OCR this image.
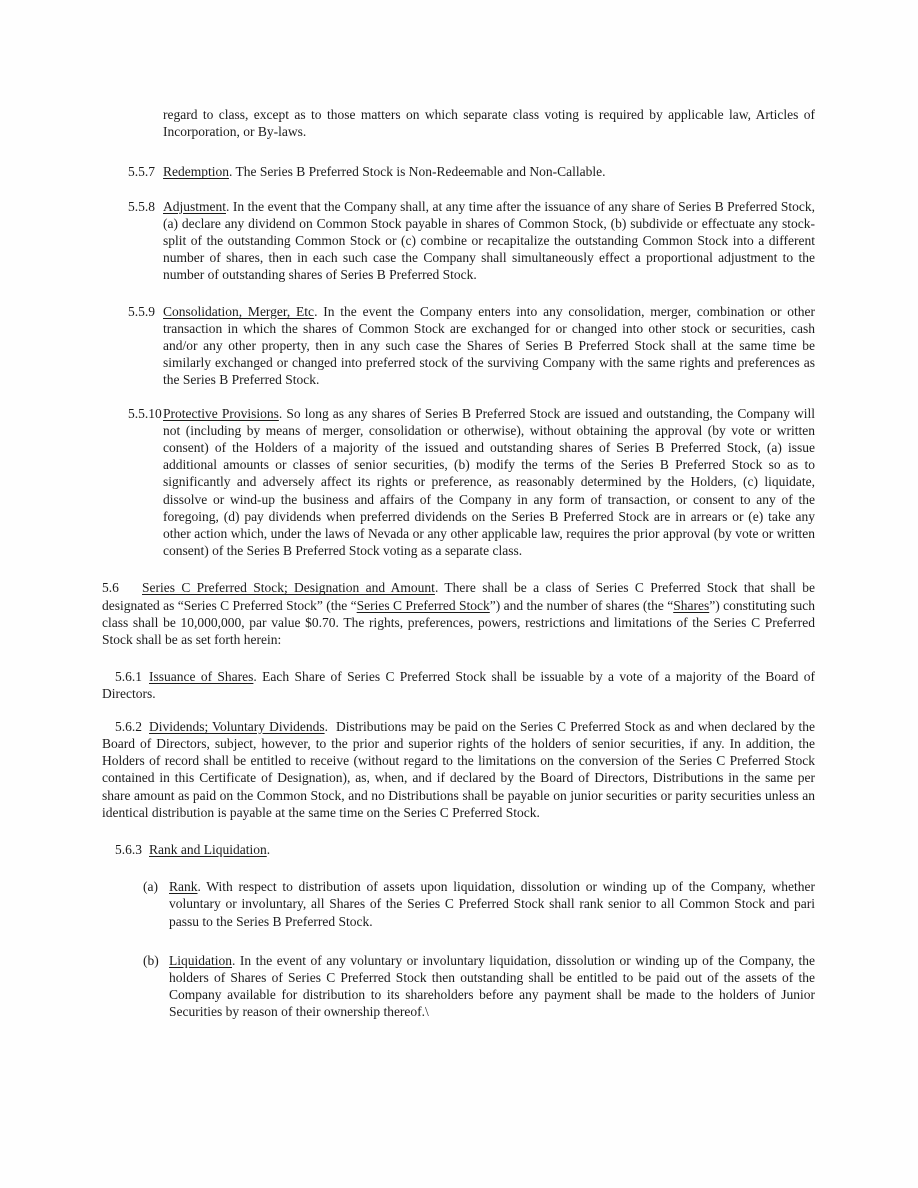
regard to class, except as to those matters on which separate class voting is required by applicable law, Articles of Incorporation, or By-laws.

5.5.7 Redemption. The Series B Preferred Stock is Non-Redeemable and Non-Callable.

5.5.8 Adjustment. In the event that the Company shall, at any time after the issuance of any share of Series B Preferred Stock, (a) declare any dividend on Common Stock payable in shares of Common Stock, (b) subdivide or effectuate any stock-split of the outstanding Common Stock or (c) combine or recapitalize the outstanding Common Stock into a different number of shares, then in each such case the Company shall simultaneously effect a proportional adjustment to the number of outstanding shares of Series B Preferred Stock.

5.5.9 Consolidation, Merger, Etc. In the event the Company enters into any consolidation, merger, combination or other transaction in which the shares of Common Stock are exchanged for or changed into other stock or securities, cash and/or any other property, then in any such case the Shares of Series B Preferred Stock shall at the same time be similarly exchanged or changed into preferred stock of the surviving Company with the same rights and preferences as the Series B Preferred Stock.

5.5.10 Protective Provisions. So long as any shares of Series B Preferred Stock are issued and outstanding, the Company will not (including by means of merger, consolidation or otherwise), without obtaining the approval (by vote or written consent) of the Holders of a majority of the issued and outstanding shares of Series B Preferred Stock, (a) issue additional amounts or classes of senior securities, (b) modify the terms of the Series B Preferred Stock so as to significantly and adversely affect its rights or preference, as reasonably determined by the Holders, (c) liquidate, dissolve or wind-up the business and affairs of the Company in any form of transaction, or consent to any of the foregoing, (d) pay dividends when preferred dividends on the Series B Preferred Stock are in arrears or (e) take any other action which, under the laws of Nevada or any other applicable law, requires the prior approval (by vote or written consent) of the Series B Preferred Stock voting as a separate class.

5.6 Series C Preferred Stock; Designation and Amount. There shall be a class of Series C Preferred Stock that shall be designated as “Series C Preferred Stock” (the “Series C Preferred Stock”) and the number of shares (the “Shares”) constituting such class shall be 10,000,000, par value $0.70. The rights, preferences, powers, restrictions and limitations of the Series C Preferred Stock shall be as set forth herein:

5.6.1 Issuance of Shares. Each Share of Series C Preferred Stock shall be issuable by a vote of a majority of the Board of Directors.

5.6.2 Dividends; Voluntary Dividends.  Distributions may be paid on the Series C Preferred Stock as and when declared by the Board of Directors, subject, however, to the prior and superior rights of the holders of senior securities, if any. In addition, the Holders of record shall be entitled to receive (without regard to the limitations on the conversion of the Series C Preferred Stock contained in this Certificate of Designation), as, when, and if declared by the Board of Directors, Distributions in the same per share amount as paid on the Common Stock, and no Distributions shall be payable on junior securities or parity securities unless an identical distribution is payable at the same time on the Series C Preferred Stock.

5.6.3 Rank and Liquidation.

(a) Rank. With respect to distribution of assets upon liquidation, dissolution or winding up of the Company, whether voluntary or involuntary, all Shares of the Series C Preferred Stock shall rank senior to all Common Stock and pari passu to the Series B Preferred Stock.
(b) Liquidation. In the event of any voluntary or involuntary liquidation, dissolution or winding up of the Company, the holders of Shares of Series C Preferred Stock then outstanding shall be entitled to be paid out of the assets of the Company available for distribution to its shareholders before any payment shall be made to the holders of Junior Securities by reason of their ownership thereof.\
